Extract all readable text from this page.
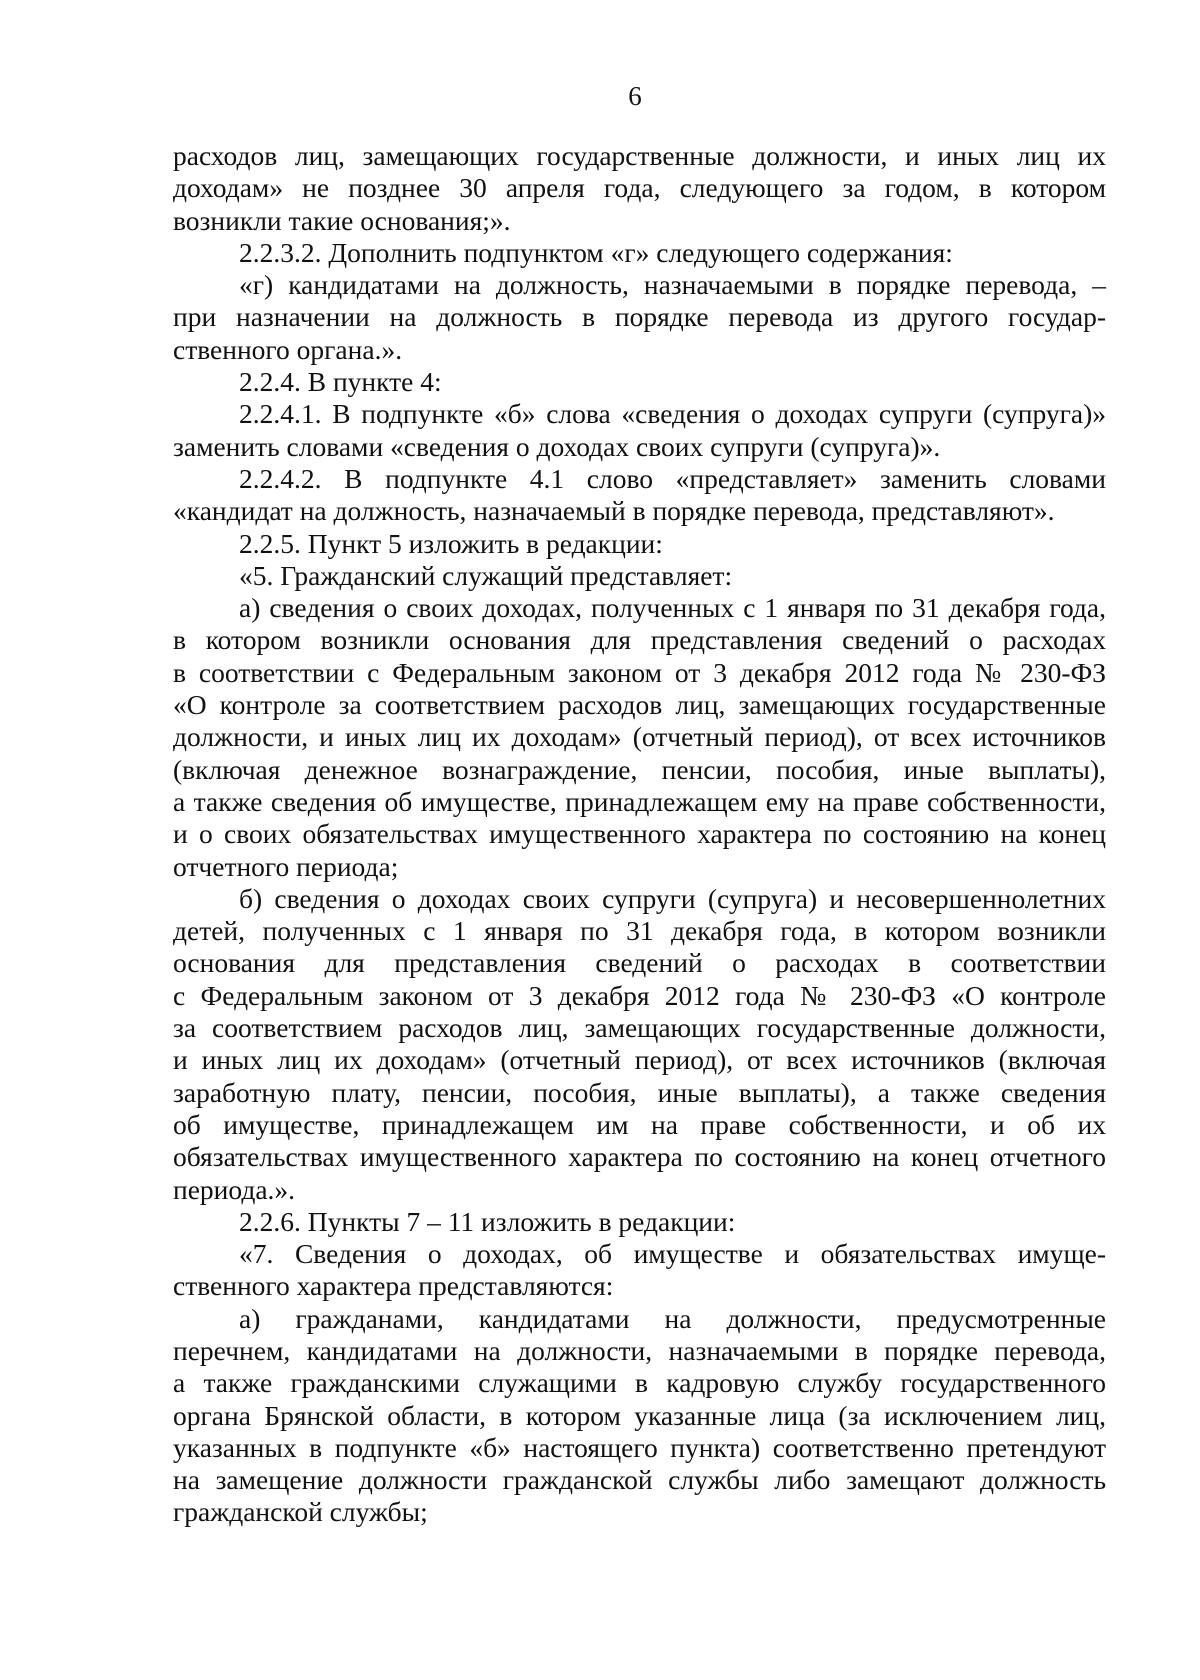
6
расходов лиц, замещающих государственные должности, и иных лиц их
доходам» не позднее 30 апреля года, следующего за годом, в котором
возникли такие основания;».
2.2.3.2. Дополнить подпунктом «г» следующего содержания:
«г) кандидатами на должность, назначаемыми в порядке перевода, –
при назначении на должность в порядке перевода из другого государ-
ственного органа.».
2.2.4. В пункте 4:
2.2.4.1. В подпункте «б» слова «сведения о доходах супруги (супруга)»
заменить словами «сведения о доходах своих супруги (супруга)».
2.2.4.2. В подпункте 4.1 слово «представляет» заменить словами
«кандидат на должность, назначаемый в порядке перевода, представляют».
2.2.5. Пункт 5 изложить в редакции:
«5. Гражданский служащий представляет:
а) сведения о своих доходах, полученных с 1 января по 31 декабря года,
в котором возникли основания для представления сведений о расходах
в соответствии с Федеральным законом от 3 декабря 2012 года № 230-ФЗ
«О контроле за соответствием расходов лиц, замещающих государственные
должности, и иных лиц их доходам» (отчетный период), от всех источников
(включая денежное вознаграждение, пенсии, пособия, иные выплаты),
а также сведения об имуществе, принадлежащем ему на праве собственности,
и о своих обязательствах имущественного характера по состоянию на конец
отчетного периода;
б) сведения о доходах своих супруги (супруга) и несовершеннолетних
детей, полученных с 1 января по 31 декабря года, в котором возникли
основания для представления сведений о расходах в соответствии
с Федеральным законом от 3 декабря 2012 года № 230-ФЗ «О контроле
за соответствием расходов лиц, замещающих государственные должности,
и иных лиц их доходам» (отчетный период), от всех источников (включая
заработную плату, пенсии, пособия, иные выплаты), а также сведения
об имуществе, принадлежащем им на праве собственности, и об их
обязательствах имущественного характера по состоянию на конец отчетного
периода.».
2.2.6. Пункты 7 – 11 изложить в редакции:
«7. Сведения о доходах, об имуществе и обязательствах имуще-
ственного характера представляются:
а) гражданами, кандидатами на должности, предусмотренные
перечнем, кандидатами на должности, назначаемыми в порядке перевода,
а также гражданскими служащими в кадровую службу государственного
органа Брянской области, в котором указанные лица (за исключением лиц,
указанных в подпункте «б» настоящего пункта) соответственно претендуют
на замещение должности гражданской службы либо замещают должность
гражданской службы;
